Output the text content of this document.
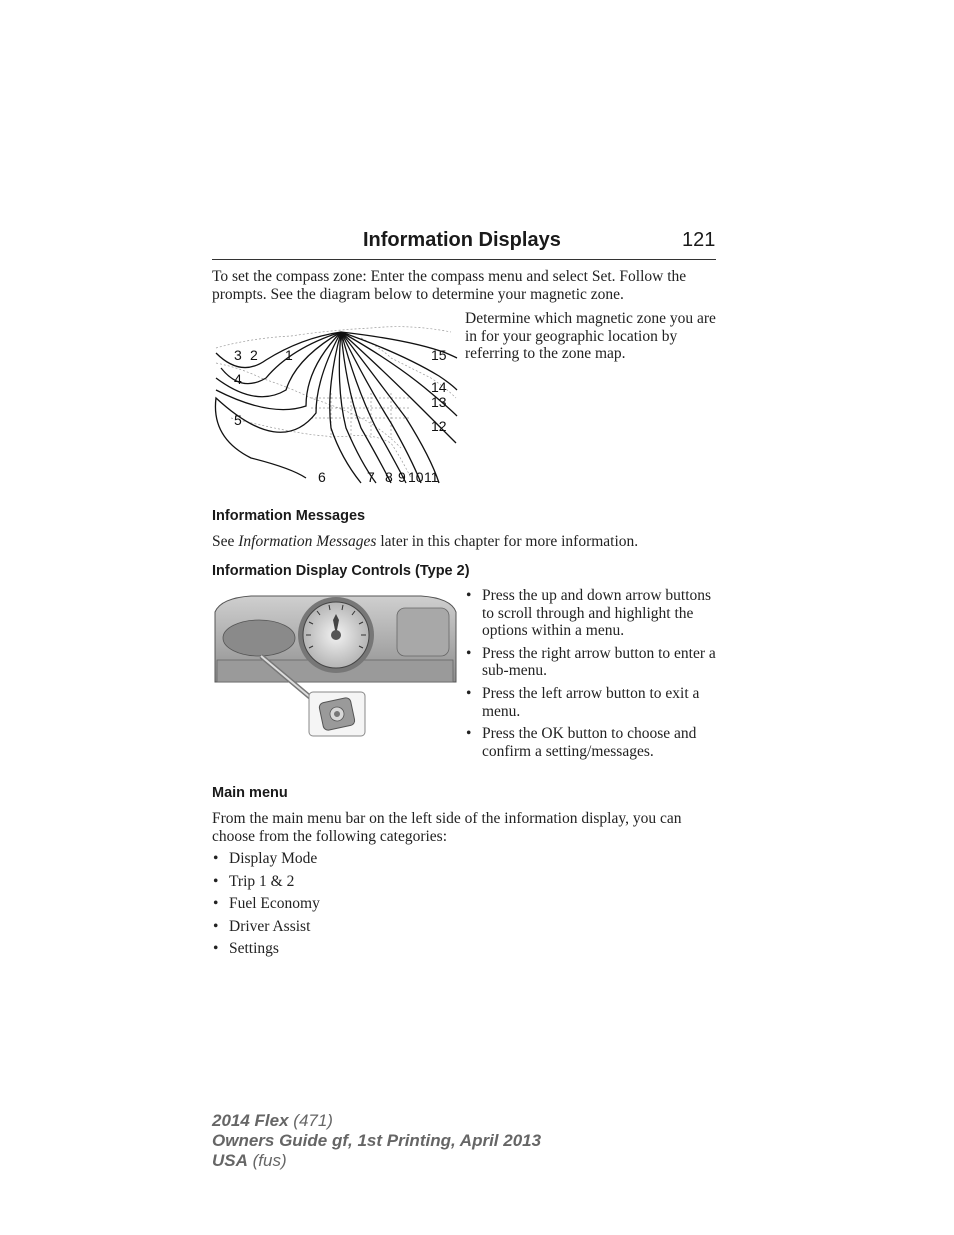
Information Displays	121
To set the compass zone: Enter the compass menu and select Set. Follow the prompts. See the diagram below to determine your magnetic zone.
1
2
3
4
5
6	7 8 9 10 11
12
13
14
15
Determine which magnetic zone you are in for your geographic location by referring to the zone map.
Information Messages
See Information Messages later in this chapter for more information.
Information Display Controls (Type 2)
• Press the up and down arrow buttons to scroll through and highlight the options within a menu.
• Press the right arrow button to enter a sub-menu.
• Press the left arrow button to exit a menu.
• Press the OK button to choose and confirm a setting/messages.
Main menu
From the main menu bar on the left side of the information display, you can choose from the following categories:
• Display Mode
• Trip 1 & 2
• Fuel Economy
• Driver Assist
• Settings
2014 Flex (471)
Owners Guide gf, 1st Printing, April 2013
USA (fus)
